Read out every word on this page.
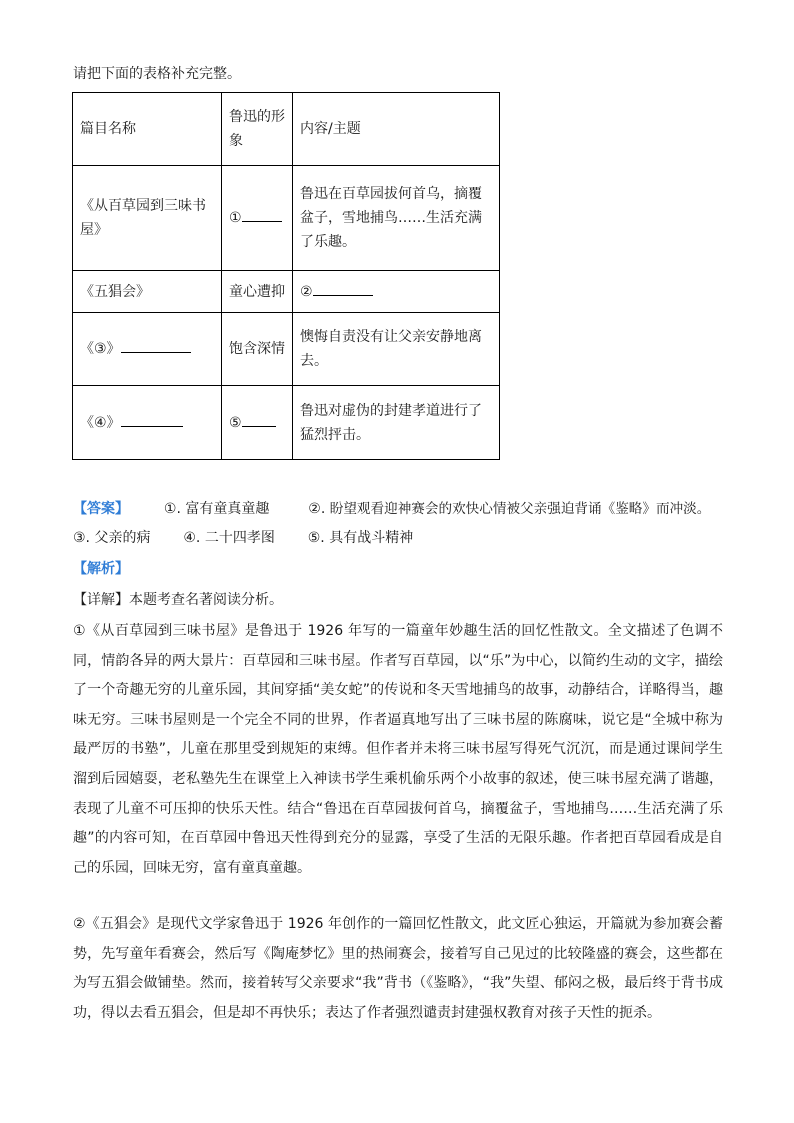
请把下面的表格补充完整。
篇目名称	鲁迅的形象	内容/主题
《从百草园到三味书屋》	①	鲁迅在百草园拔何首乌，摘覆盆子，雪地捕鸟……生活充满了乐趣。
《五猖会》	童心遭抑	②
《③》	饱含深情	懊悔自责没有让父亲安静地离去。
《④》	⑤	鲁迅对虚伪的封建孝道进行了猛烈抨击。
【答案】 ①. 富有童真童趣	②. 盼望观看迎神赛会的欢快心情被父亲强迫背诵《鉴略》而冲淡。
③. 父亲的病 ④. 二十四孝图 ⑤. 具有战斗精神
【解析】
【详解】本题考查名著阅读分析。

①《从百草园到三味书屋》是鲁迅于 1926 年写的一篇童年妙趣生活的回忆性散文。全文描述了色调不同，情韵各异的两大景片：百草园和三味书屋。作者写百草园，以“乐”为中心，以简约生动的文字，描绘了一个奇趣无穷的儿童乐园，其间穿插“美女蛇”的传说和冬天雪地捕鸟的故事，动静结合，详略得当，趣味无穷。三味书屋则是一个完全不同的世界，作者逼真地写出了三味书屋的陈腐味，说它是“全城中称为最严厉的书塾”，儿童在那里受到规矩的束缚。但作者并未将三味书屋写得死气沉沉，而是通过课间学生溜到后园嬉耍，老私塾先生在课堂上入神读书学生乘机偷乐两个小故事的叙述，使三味书屋充满了谐趣，表现了儿童不可压抑的快乐天性。结合“鲁迅在百草园拔何首乌，摘覆盆子，雪地捕鸟……生活充满了乐趣”的内容可知，在百草园中鲁迅天性得到充分的显露，享受了生活的无限乐趣。作者把百草园看成是自己的乐园，回味无穷，富有童真童趣。

②《五猖会》是现代文学家鲁迅于 1926 年创作的一篇回忆性散文，此文匠心独运，开篇就为参加赛会蓄势，先写童年看赛会，然后写《陶庵梦忆》里的热闹赛会，接着写自己见过的比较隆盛的赛会，这些都在为写五猖会做铺垫。然而，接着转写父亲要求“我”背书（《鉴略》，“我”失望、郁闷之极，最后终于背书成功，得以去看五猖会，但是却不再快乐；表达了作者强烈谴责封建强权教育对孩子天性的扼杀。
